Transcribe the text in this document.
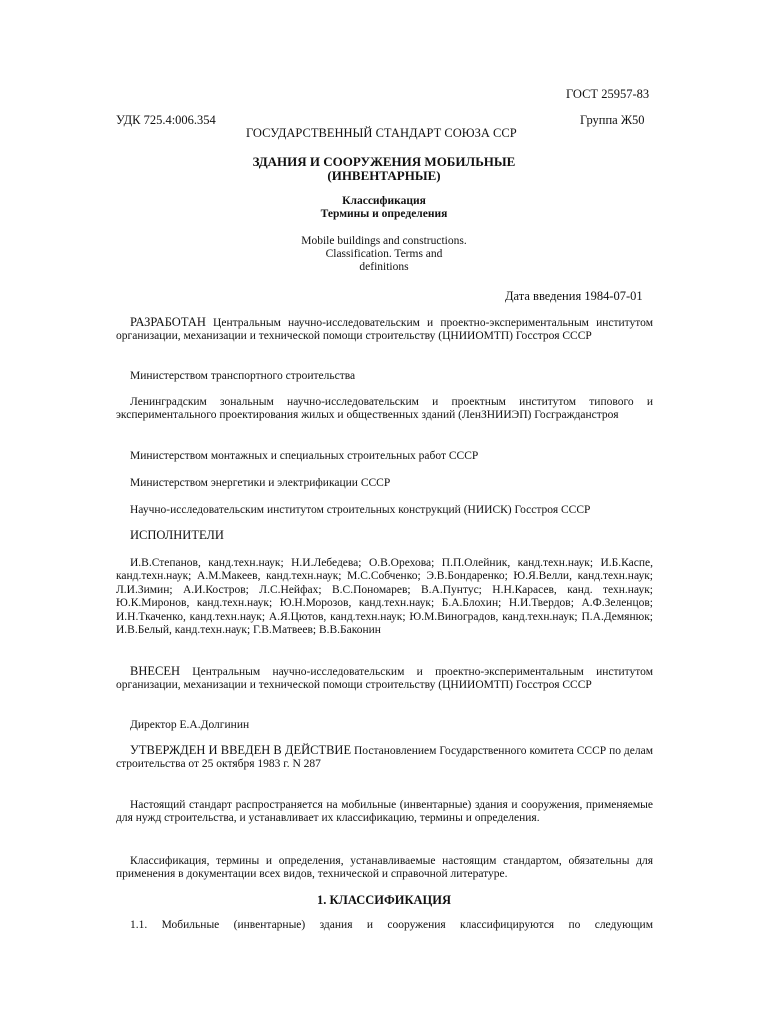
ГОСТ 25957-83
УДК 725.4:006.354	Группа Ж50
ГОСУДАРСТВЕННЫЙ СТАНДАРТ СОЮЗА ССР
ЗДАНИЯ И СООРУЖЕНИЯ МОБИЛЬНЫЕ
(ИНВЕНТАРНЫЕ)
Классификация
Термины и определения
Mobile buildings and constructions.
Classification. Terms and
definitions
Дата введения 1984-07-01

РАЗРАБОТАН Центральным научно-исследовательским и проектно-экспериментальным институтом организации, механизации и технической помощи строительству (ЦНИИОМТП) Госстроя СССР

Министерством транспортного строительства

Ленинградским зональным научно-исследовательским и проектным институтом типового и экспериментального проектирования жилых и общественных зданий (ЛенЗНИИЭП) Госгражданстроя

Министерством монтажных и специальных строительных работ СССР

Министерством энергетики и электрификации СССР

Научно-исследовательским институтом строительных конструкций (НИИСК) Госстроя СССР

ИСПОЛНИТЕЛИ

И.В.Степанов, канд.техн.наук; Н.И.Лебедева; О.В.Орехова; П.П.Олейник, канд.техн.наук; И.Б.Каспе, канд.техн.наук; А.М.Макеев, канд.техн.наук; М.С.Собченко; Э.В.Бондаренко; Ю.Я.Велли, канд.техн.наук; Л.И.Зимин; А.И.Костров; Л.С.Нейфах; В.С.Пономарев; В.А.Пунтус; Н.Н.Карасев, канд. техн.наук; Ю.К.Миронов, канд.техн.наук; Ю.Н.Морозов, канд.техн.наук; Б.А.Блохин; Н.И.Твердов; А.Ф.Зеленцов; И.Н.Ткаченко, канд.техн.наук; А.Я.Цютов, канд.техн.наук; Ю.М.Виноградов, канд.техн.наук; П.А.Демянюк; И.В.Белый, канд.техн.наук; Г.В.Матвеев; В.В.Баконин

ВНЕСЕН Центральным научно-исследовательским и проектно-экспериментальным институтом организации, механизации и технической помощи строительству (ЦНИИОМТП) Госстроя СССР

Директор Е.А.Долгинин

УТВЕРЖДЕН И ВВЕДЕН В ДЕЙСТВИЕ Постановлением Государственного комитета СССР по делам строительства от 25 октября 1983 г. N 287

Настоящий стандарт распространяется на мобильные (инвентарные) здания и сооружения, применяемые для нужд строительства, и устанавливает их классификацию, термины и определения.

Классификация, термины и определения, устанавливаемые настоящим стандартом, обязательны для применения в документации всех видов, технической и справочной литературе.

1. КЛАССИФИКАЦИЯ

1.1. Мобильные (инвентарные) здания и сооружения классифицируются по следующим
